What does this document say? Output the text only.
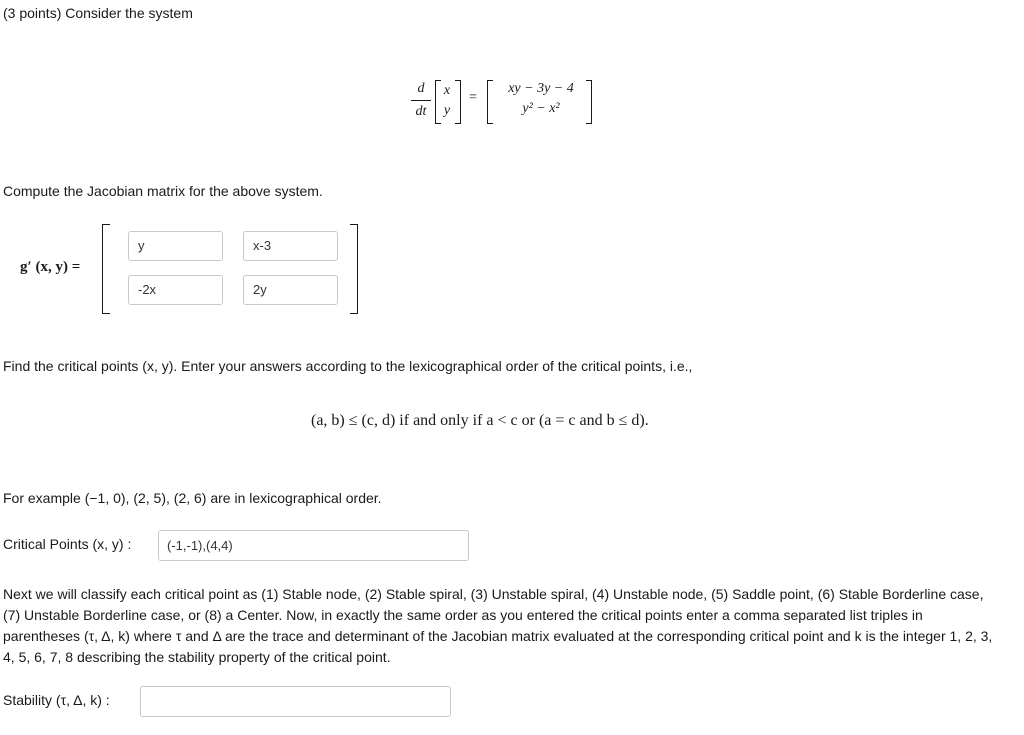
(3 points) Consider the system
d
dt
x
y
=
xy − 3y − 4
y² − x²
Compute the Jacobian matrix for the above system.
g′ (x, y) =
y	x-3
-2x	2y
Find the critical points (x, y). Enter your answers according to the lexicographical order of the critical points, i.e.,
(a, b) ≤ (c, d) if and only if a < c or (a = c and b ≤ d).
For example (−1, 0), (2, 5), (2, 6) are in lexicographical order.
Critical Points (x, y) :	(-1,-1),(4,4)

Next we will classify each critical point as (1) Stable node, (2) Stable spiral, (3) Unstable spiral, (4) Unstable node, (5) Saddle point, (6) Stable Borderline case, (7) Unstable Borderline case, or (8) a Center. Now, in exactly the same order as you entered the critical points enter a comma separated list triples in parentheses (τ, Δ, k) where τ and Δ are the trace and determinant of the Jacobian matrix evaluated at the corresponding critical point and k is the integer 1, 2, 3, 4, 5, 6, 7, 8 describing the stability property of the critical point.

Stability (τ, Δ, k) :
